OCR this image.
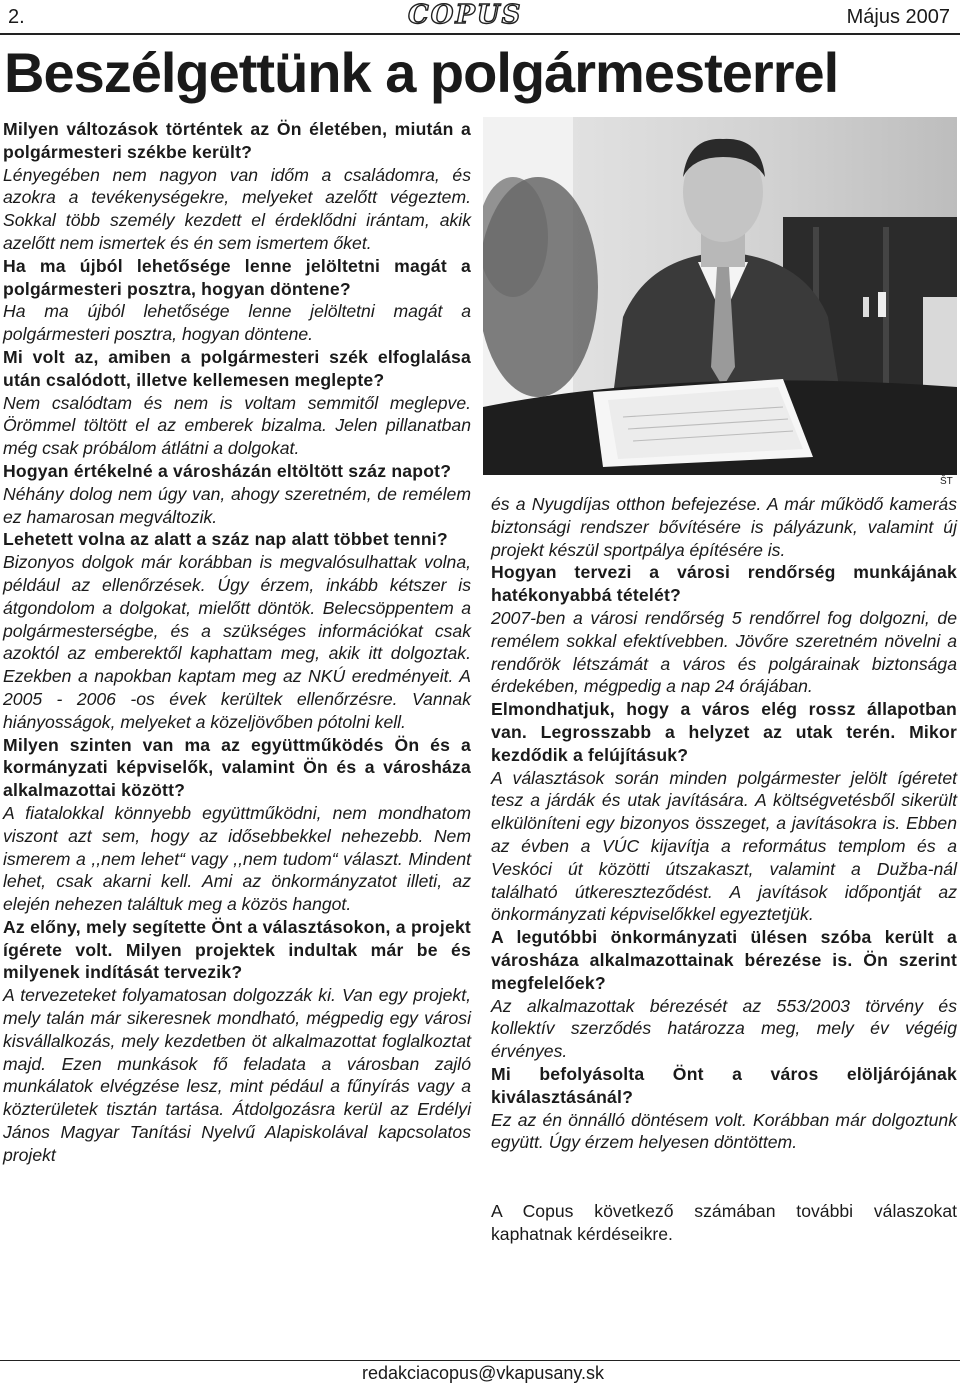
2.	COPUS	Május 2007
Beszélgettünk a polgármesterrel

Milyen változások történtek az Ön életében, miután a polgármesteri székbe került?

Lényegében nem nagyon van időm a családomra, és azokra a tevékenységekre, melyeket azelőtt végeztem. Sokkal több személy kezdett el érdeklődni irántam, akik azelőtt nem ismertek és én sem ismertem őket.

Ha ma újból lehetősége lenne jelöltetni magát a polgármesteri posztra, hogyan döntene?

Ha ma újból lehetősége lenne jelöltetni magát a polgármesteri posztra, hogyan döntene.

Mi volt az, amiben a polgármesteri szék elfoglalása után csalódott, illetve kellemesen meglepte?

Nem csalódtam és nem is voltam semmitől meglepve. Örömmel töltött el az emberek bizalma. Jelen pillanatban még csak próbálom átlátni a dolgokat.

Hogyan értékelné a városházán eltöltött száz napot?

Néhány dolog nem úgy van, ahogy szeretném, de remélem ez hamarosan megváltozik.

Lehetett volna az alatt a száz nap alatt többet tenni?

Bizonyos dolgok már korábban is megvalósulhattak volna, például az ellenőrzések. Úgy érzem, inkább kétszer is átgondolom a dolgokat, mielőtt döntök. Belecsöppentem a polgármesterségbe, és a szükséges információkat csak azoktól az emberektől kaphattam meg, akik itt dolgoztak. Ezekben a napokban kaptam meg az NKÚ eredményeit. A 2005 - 2006 -os évek kerültek ellenőrzésre. Vannak hiányosságok, melyeket a közeljövőben pótolni kell.

Milyen szinten van ma az együttműködés Ön és a kormányzati képviselők, valamint Ön és a városháza alkalmazottai között?

A fiatalokkal könnyebb együttműködni, nem mondhatom viszont azt sem, hogy az idősebbekkel nehezebb. Nem ismerem a ,,nem lehet“ vagy ,,nem tudom“ választ. Mindent lehet, csak akarni kell. Ami az önkormányzatot illeti, az elején nehezen találtuk meg a közös hangot.

Az előny, mely segítette Önt a választásokon, a projekt ígérete volt. Milyen projektek indultak már be és milyenek indítását tervezik?

A tervezeteket folyamatosan dolgozzák ki. Van egy projekt, mely talán már sikeresnek mondható, mégpedig egy városi kisvállalkozás, mely kezdetben öt alkalmazottat foglalkoztat majd. Ezen munkások fő feladata a városban zajló munkálatok elvégzése lesz, mint pédául a fűnyírás vagy a közterületek tisztán tartása. Átdolgozásra kerül az Erdélyi János Magyar Tanítási Nyelvű Alapiskolával kapcsolatos projekt

ŠT

és a Nyugdíjas otthon befejezése. A már működő kamerás biztonsági rendszer bővítésére is pályázunk, valamint új projekt készül sportpálya építésére is.

Hogyan tervezi a városi rendőrség munkájának hatékonyabbá tételét?

2007-ben a városi rendőrség 5 rendőrrel fog dolgozni, de remélem sokkal efektívebben. Jövőre szeretném növelni a rendőrök létszámát a város és polgárainak biztonsága érdekében, mégpedig a nap 24 órájában.

Elmondhatjuk, hogy a város elég rossz állapotban van. Legrosszabb a helyzet az utak terén. Mikor kezdődik a felújításuk?

A választások során minden polgármester jelölt ígéretet tesz a járdák és utak javítására. A költségvetésből sikerült elkülöníteni egy bizonyos összeget, a javításokra is. Ebben az évben a VÚC kijavítja a református templom és a Veskóci út közötti útszakaszt, valamint a Dužba-nál található útkereszteződést. A javítások időpontját az önkormányzati képviselőkkel egyeztetjük.

A legutóbbi önkormányzati ülésen szóba került a városháza alkalmazottainak bérezése is. Ön szerint megfelelőek?

Az alkalmazottak bérezését az 553/2003 törvény és kollektív szerződés határozza meg, mely év végéig érvényes.

Mi befolyásolta Önt a város elöljárójának kiválasztásánál?

Ez az én önnálló döntésem volt. Korábban már dolgoztunk együtt. Úgy érzem helyesen döntöttem.

A Copus következő számában további válaszokat kaphatnak kérdéseikre.

redakciacopus@vkapusany.sk
